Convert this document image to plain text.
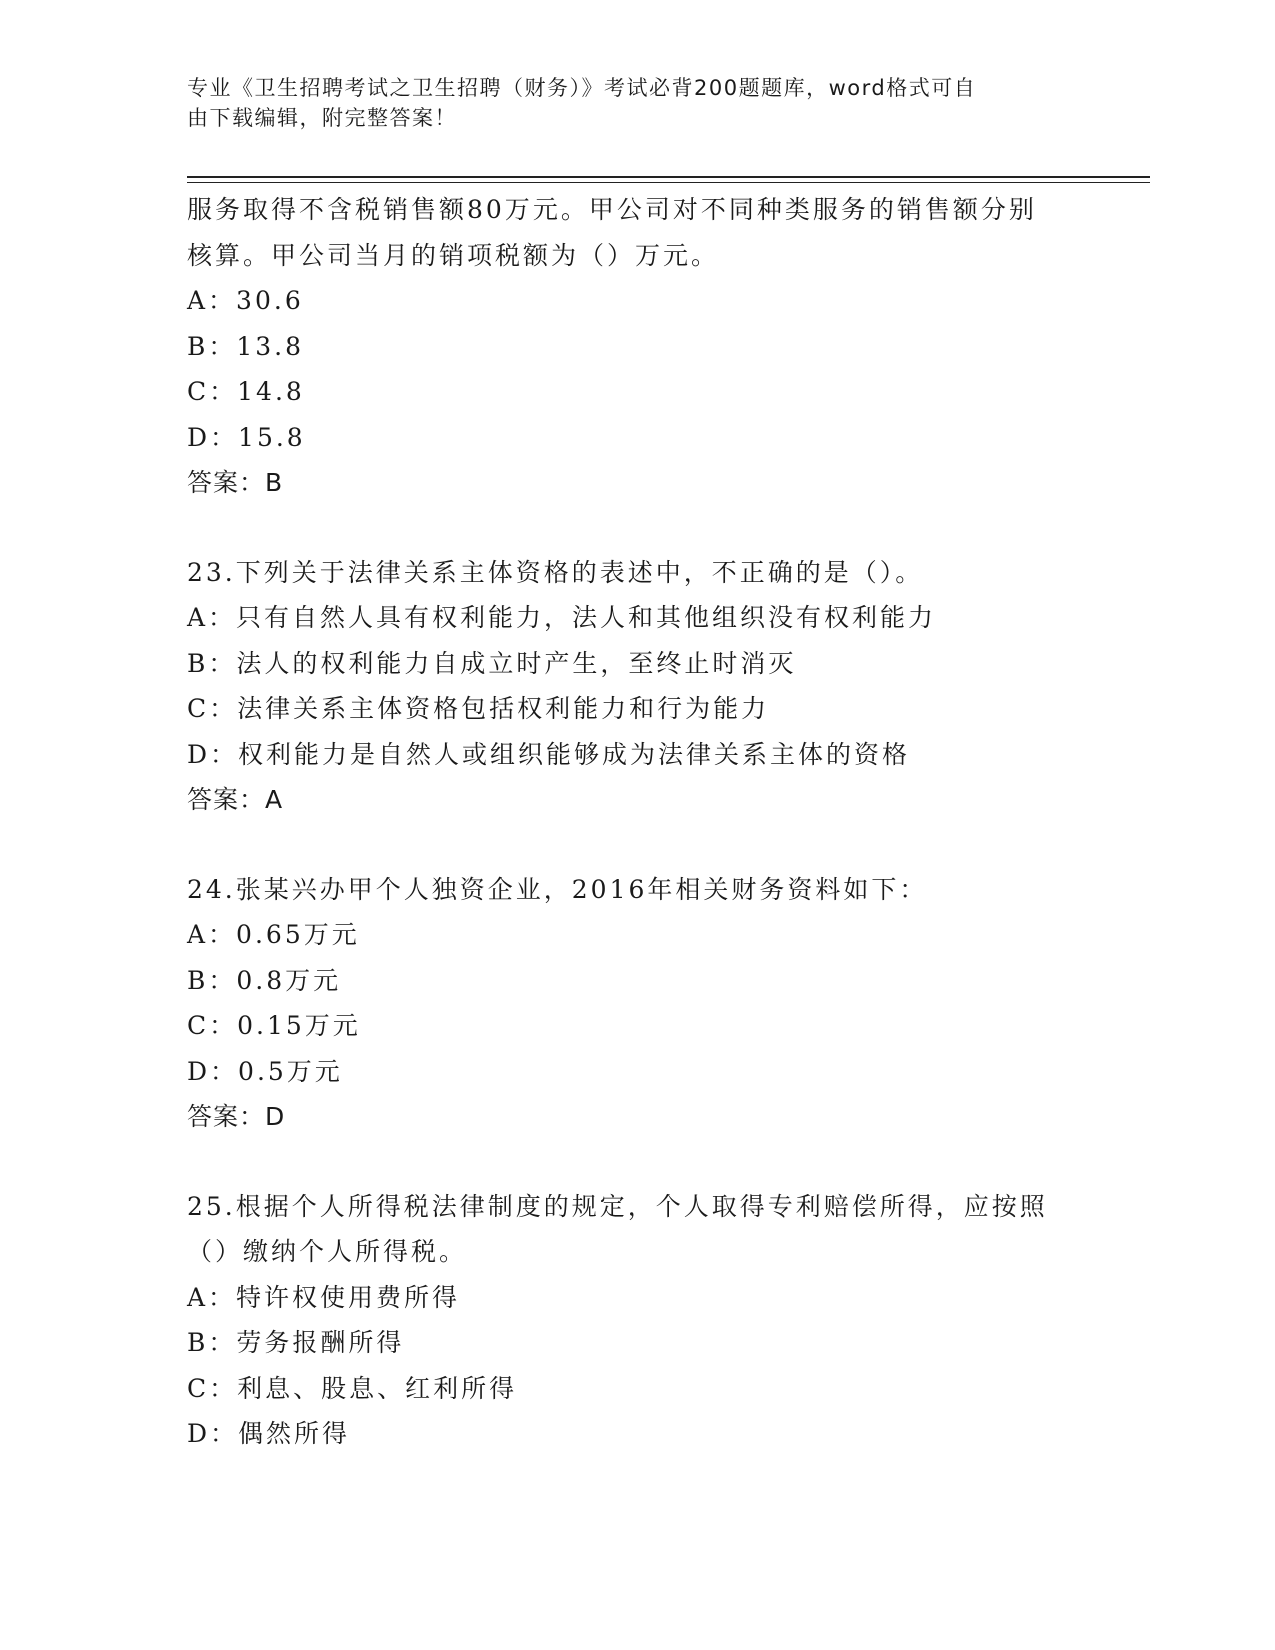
专业《卫生招聘考试之卫生招聘（财务）》考试必背200题题库，word格式可自
由下载编辑，附完整答案！
服务取得不含税销售额80万元。甲公司对不同种类服务的销售额分别
核算。甲公司当月的销项税额为（）万元。
A：30.6
B：13.8
C：14.8
D：15.8
答案：B
23.下列关于法律关系主体资格的表述中，不正确的是（）。
A：只有自然人具有权利能力，法人和其他组织没有权利能力
B：法人的权利能力自成立时产生，至终止时消灭
C：法律关系主体资格包括权利能力和行为能力
D：权利能力是自然人或组织能够成为法律关系主体的资格
答案：A
24.张某兴办甲个人独资企业，2016年相关财务资料如下：
A：0.65万元
B：0.8万元
C：0.15万元
D：0.5万元
答案：D
25.根据个人所得税法律制度的规定，个人取得专利赔偿所得，应按照
（）缴纳个人所得税。
A：特许权使用费所得
B：劳务报酬所得
C：利息、股息、红利所得
D：偶然所得
